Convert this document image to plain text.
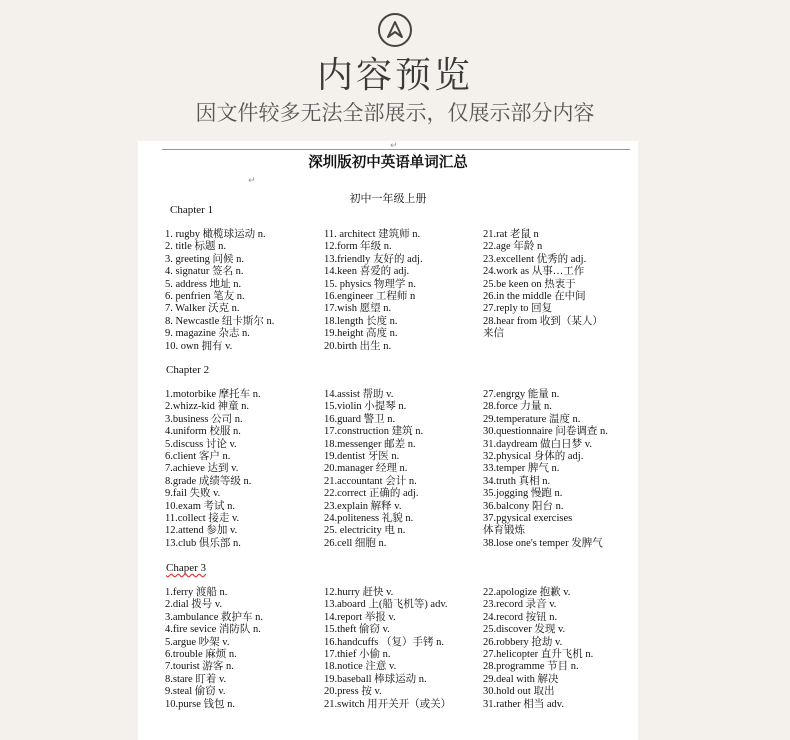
内容预览
因文件较多无法全部展示，仅展示部分内容
↵
深圳版初中英语单词汇总
↵
初中一年级上册
Chapter 1
1. rugby 橄榄球运动 n.
2. title 标题 n.
3. greeting 问候 n.
4. signatur 签名 n.
5. address 地址 n.
6. penfrien 笔友 n.
7. Walker 沃克 n.
8. Newcastle 纽卡斯尔 n.
9. magazine 杂志 n.
10. own 拥有 v.
11. architect 建筑师 n.
12.form 年级 n.
13.friendly 友好的 adj.
14.keen 喜爱的 adj.
15. physics 物理学 n.
16.engineer 工程师 n
17.wish 愿望 n.
18.length 长度 n.
19.height 高度 n.
20.birth 出生 n.
21.rat 老鼠 n
22.age 年龄 n
23.excellent 优秀的 adj.
24.work as 从事…工作
25.be keen on 热衷于
26.in the middle 在中间
27.reply to 回复
28.hear from 收到（某人）
来信
Chapter 2
1.motorbike 摩托车 n.
2.whizz-kid 神童 n.
3.business 公司 n.
4.uniform 校服 n.
5.discuss 讨论 v.
6.client 客户 n.
7.achieve 达到 v.
8.grade 成绩等级 n.
9.fail 失败 v.
10.exam 考试 n.
11.collect 接走 v.
12.attend 参加 v.
13.club 俱乐部 n.
14.assist 帮助 v.
15.violin 小提琴 n.
16.guard 警卫 n.
17.construction 建筑 n.
18.messenger 邮差 n.
19.dentist 牙医 n.
20.manager 经理 n.
21.accountant 会计 n.
22.correct 正确的 adj.
23.explain 解释 v.
24.politeness 礼貌 n.
25. electricity 电 n.
26.cell 细胞 n.
27.engrgy 能量 n.
28.force 力量 n.
29.temperature 温度 n.
30.questionnaire 问卷调查 n.
31.daydream 做白日梦 v.
32.physical 身体的 adj.
33.temper 脾气 n.
34.truth 真相 n.
35.jogging 慢跑 n.
36.balcony 阳台 n.
37.pgysical exercises
体育锻炼
38.lose one's temper 发脾气
Chaper 3
1.ferry 渡船 n.
2.dial 拨号 v.
3.ambulance 救护车 n.
4.fire sevice 消防队 n.
5.argue 吵架 v.
6.trouble 麻烦 n.
7.tourist 游客 n.
8.stare 盯着 v.
9.steal 偷窃 v.
10.purse 钱包 n.
12.hurry 赶快 v.
13.aboard 上(船飞机等) adv.
14.report 举报 v.
15.theft 偷窃 v.
16.handcuffs （复）手铐 n.
17.thief 小偷 n.
18.notice 注意 v.
19.baseball 棒球运动 n.
20.press 按 v.
21.switch 用开关开（或关）
22.apologize 抱歉 v.
23.record 录音 v.
24.record 按钮 n.
25.discover 发现 v.
26.robbery 抢劫 v.
27.helicopter 直升飞机 n.
28.programme 节目 n.
29.deal with 解决
30.hold out 取出
31.rather 相当 adv.
